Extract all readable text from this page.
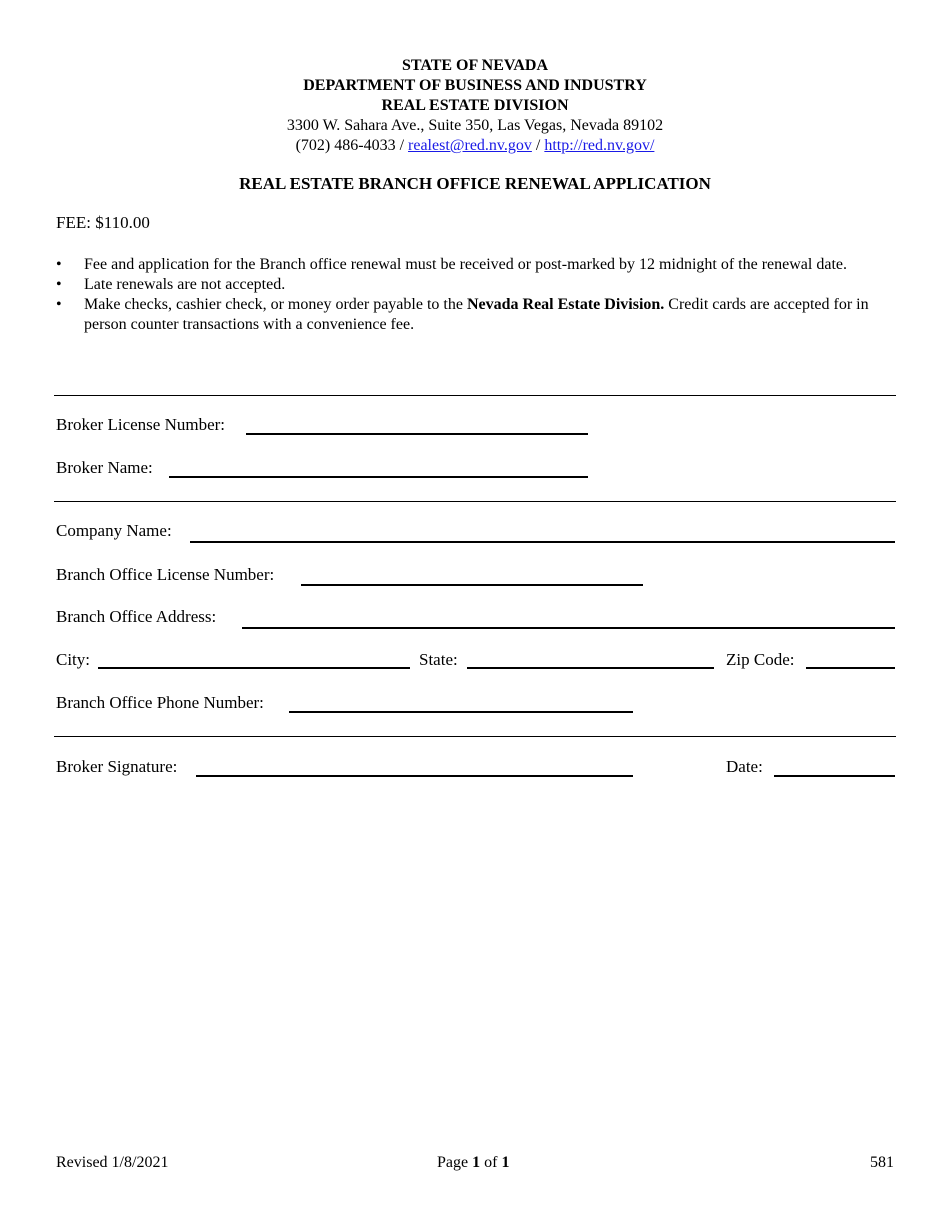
STATE OF NEVADA
DEPARTMENT OF BUSINESS AND INDUSTRY
REAL ESTATE DIVISION
3300 W. Sahara Ave., Suite 350, Las Vegas, Nevada 89102
(702) 486-4033 / realest@red.nv.gov / http://red.nv.gov/
REAL ESTATE BRANCH OFFICE RENEWAL APPLICATION
FEE: $110.00
• Fee and application for the Branch office renewal must be received or post-marked by 12 midnight of the renewal date.
• Late renewals are not accepted.
• Make checks, cashier check, or money order payable to the Nevada Real Estate Division. Credit cards are accepted for in person counter transactions with a convenience fee.
Broker License Number:
Broker Name:
Company Name:
Branch Office License Number:
Branch Office Address:
City:	State:	Zip Code:
Branch Office Phone Number:
Broker Signature:	Date:
Revised 1/8/2021	Page 1 of 1	581
